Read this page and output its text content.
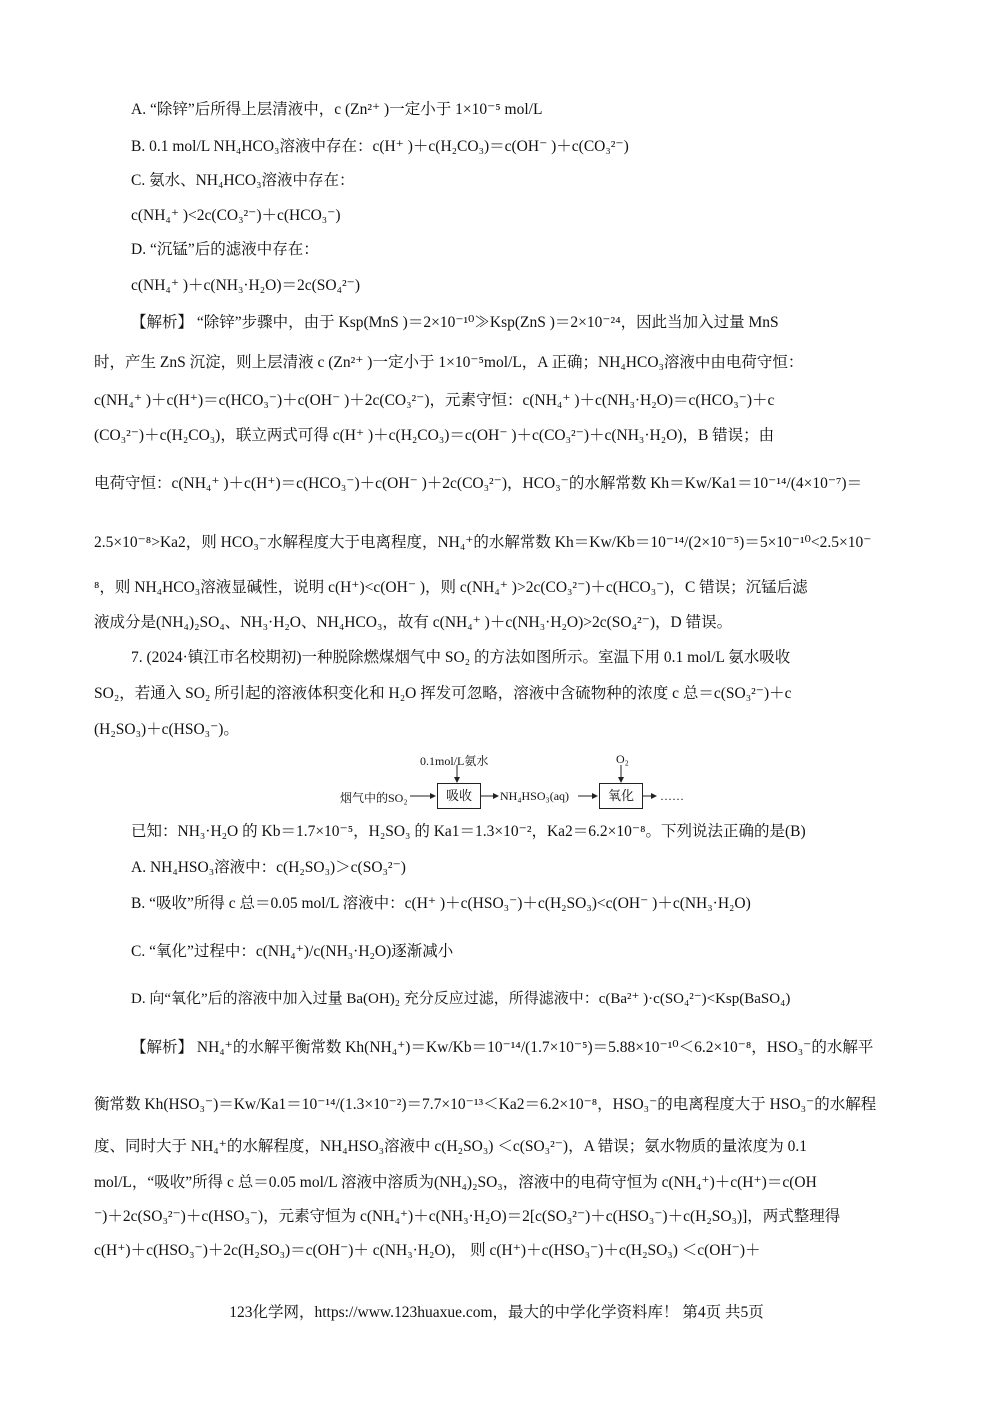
A. “除锌”后所得上层清液中，c (Zn²⁺ )一定小于 1×10⁻⁵ mol/L
B. 0.1 mol/L NH₄HCO₃溶液中存在：c(H⁺ )＋c(H₂CO₃)＝c(OH⁻ )＋c(CO₃²⁻)
C. 氨水、NH₄HCO₃溶液中存在：
c(NH₄⁺ )<2c(CO₃²⁻)＋c(HCO₃⁻)
D. “沉锰”后的滤液中存在：
c(NH₄⁺ )＋c(NH₃·H₂O)＝2c(SO₄²⁻)
【解析】 “除锌”步骤中，由于 Ksp(MnS )＝2×10⁻¹⁰≫Ksp(ZnS )＝2×10⁻²⁴，因此当加入过量 MnS
时，产生 ZnS 沉淀，则上层清液 c (Zn²⁺ )一定小于 1×10⁻⁵mol/L，A 正确；NH₄HCO₃溶液中由电荷守恒：
c(NH₄⁺ )＋c(H⁺)＝c(HCO₃⁻)＋c(OH⁻ )＋2c(CO₃²⁻)，元素守恒：c(NH₄⁺ )＋c(NH₃·H₂O)＝c(HCO₃⁻)＋c
(CO₃²⁻)＋c(H₂CO₃)，联立两式可得 c(H⁺ )＋c(H₂CO₃)＝c(OH⁻ )＋c(CO₃²⁻)＋c(NH₃·H₂O)，B 错误；由
电荷守恒：c(NH₄⁺ )＋c(H⁺)＝c(HCO₃⁻)＋c(OH⁻ )＋2c(CO₃²⁻)，HCO₃⁻的水解常数 Kh＝Kw/Ka1＝10⁻¹⁴/(4×10⁻⁷)＝
2.5×10⁻⁸>Ka2，则 HCO₃⁻水解程度大于电离程度，NH₄⁺的水解常数 Kh＝Kw/Kb＝10⁻¹⁴/(2×10⁻⁵)＝5×10⁻¹⁰<2.5×10⁻
⁸，则 NH₄HCO₃溶液显碱性，说明 c(H⁺)<c(OH⁻ )，则 c(NH₄⁺ )>2c(CO₃²⁻)＋c(HCO₃⁻)，C 错误；沉锰后滤
液成分是(NH₄)₂SO₄、NH₃·H₂O、NH₄HCO₃，故有 c(NH₄⁺ )＋c(NH₃·H₂O)>2c(SO₄²⁻)，D 错误。
7. (2024·镇江市名校期初)一种脱除燃煤烟气中 SO₂ 的方法如图所示。室温下用 0.1 mol/L 氨水吸收
SO₂，若通入 SO₂ 所引起的溶液体积变化和 H₂O 挥发可忽略，溶液中含硫物种的浓度 c 总＝c(SO₃²⁻)＋c
(H₂SO₃)＋c(HSO₃⁻)。
0.1mol/L氨水
烟气中的SO₂	吸收	NH₄HSO₃(aq)
O₂
氧化	……
已知：NH₃·H₂O 的 Kb＝1.7×10⁻⁵，H₂SO₃ 的 Ka1＝1.3×10⁻²，Ka2＝6.2×10⁻⁸。下列说法正确的是(B)
A. NH₄HSO₃溶液中：c(H₂SO₃)＞c(SO₃²⁻)
B. “吸收”所得 c 总＝0.05 mol/L 溶液中：c(H⁺ )＋c(HSO₃⁻)＋c(H₂SO₃)<c(OH⁻ )＋c(NH₃·H₂O)
C. “氧化”过程中：c(NH₄⁺)/c(NH₃·H₂O)逐渐减小
D. 向“氧化”后的溶液中加入过量 Ba(OH)₂ 充分反应过滤，所得滤液中：c(Ba²⁺ )·c(SO₄²⁻)<Ksp(BaSO₄)
【解析】 NH₄⁺的水解平衡常数 Kh(NH₄⁺)＝Kw/Kb＝10⁻¹⁴/(1.7×10⁻⁵)＝5.88×10⁻¹⁰＜6.2×10⁻⁸，HSO₃⁻的水解平
衡常数 Kh(HSO₃⁻)＝Kw/Ka1＝10⁻¹⁴/(1.3×10⁻²)＝7.7×10⁻¹³＜Ka2＝6.2×10⁻⁸，HSO₃⁻的电离程度大于 HSO₃⁻的水解程
度、同时大于 NH₄⁺的水解程度，NH₄HSO₃溶液中 c(H₂SO₃) ＜c(SO₃²⁻)，A 错误；氨水物质的量浓度为 0.1
mol/L，“吸收”所得 c 总＝0.05 mol/L 溶液中溶质为(NH₄)₂SO₃，溶液中的电荷守恒为 c(NH₄⁺)＋c(H⁺)＝c(OH
⁻)＋2c(SO₃²⁻)＋c(HSO₃⁻)，元素守恒为 c(NH₄⁺)＋c(NH₃·H₂O)＝2[c(SO₃²⁻)＋c(HSO₃⁻)＋c(H₂SO₃)]，两式整理得
c(H⁺)＋c(HSO₃⁻)＋2c(H₂SO₃)＝c(OH⁻)＋ c(NH₃·H₂O)， 则 c(H⁺)＋c(HSO₃⁻)＋c(H₂SO₃) ＜c(OH⁻)＋
123化学网，https://www.123huaxue.com，最大的中学化学资料库！ 第4页 共5页
